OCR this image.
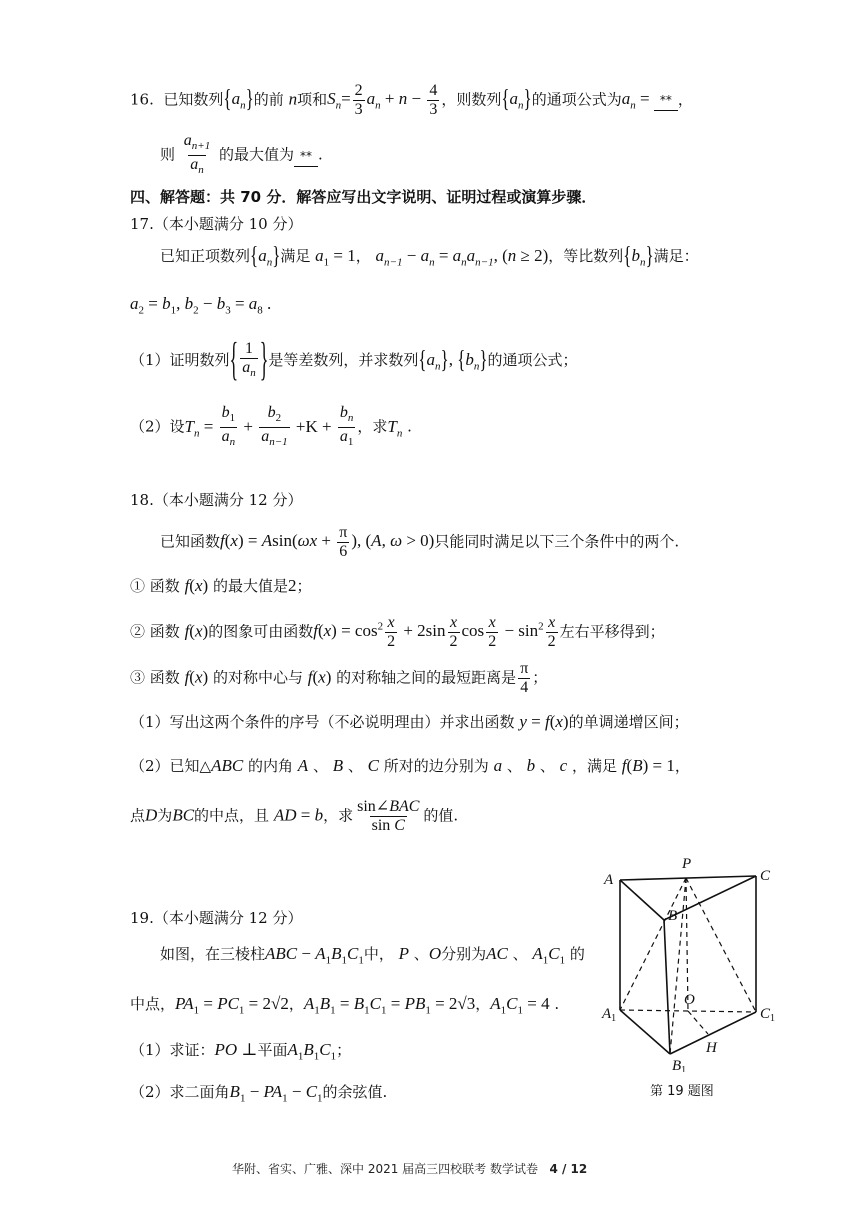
16. 已知数列$\{a_n\}$的前 n项和$S_n= \frac{2}{3} a_n + n - \frac{4}{3}$ ，则数列$\{a_n\}$的通项公式为$a_n$ = ** ，
则 $\frac{a_{n+1}}{a_n}$ 的最大值为 ** .
四、解答题：共 70 分．解答应写出文字说明、证明过程或演算步骤．
17.（本小题满分 10 分）
已知正项数列$\{a_n\}$满足 $a_1 = 1$， $a_{n-1} - a_n = a_na_{n-1}$, (n ≥ 2)，等比数列$\{b_n\}$满足：
$a_2 = b_1$, $b_2 - b_3 = a_8$ .
（1）证明数列{ $\frac{1}{a_n}$ }是等差数列，并求数列$\{a_n\}$, $\{b_n\}$的通项公式；
（2）设$T_n = \frac{b_1}{a_n} + \frac{b_2}{a_{n-1}} +K + \frac{b_n}{a_1}$ ，求$T_n$ .
18.（本小题满分 12 分）
已知函数$f(x) = Asin(\omega x + \frac{\pi}{6}$ ), (A, ω > 0)只能同时满足以下三个条件中的两个.
① 函数 f(x) 的最大值是2；
② 函数 f(x)的图象可由函数$f(x) = \cos^2 \frac{x}{2} + 2\sin \frac{x}{2}$ $\cos \frac{x}{2} - \sin^2 \frac{x}{2}$ 左右平移得到；
③ 函数 f(x) 的对称中心与 f(x) 的对称轴之间的最短距离是 $\frac{\pi}{4}$ ；
（1）写出这两个条件的序号（不必说明理由）并求出函数 y = f(x)的单调递增区间；
（2）已知△ABC 的内角 A 、 B 、 C 所对的边分别为 a 、 b 、 c ，满足 f(B) = 1，
点D为BC的中点，且 AD = b，求 $\frac{\text{sin∠BAC}}{\text{sin C}}$ 的值.
19.（本小题满分 12 分）
如图，在三棱柱ABC − $A_1B_1C_1$中， P 、O分别为AC 、 $A_1C_1$ 的
中点，$PA_1 = PC_1 = 2√2$，$A_1B_1 = B_1C_1 = PB_1 = 2√3$，$A_1C_1 = 4$ .
（1）求证：PO ⊥平面$A_1B_1C_1$；
（2）求二面角$B_1 - PA_1 - C_1$的余弦值.
A	C
P
B
$A_1$	$C_1$
O
H
$B_1$
第 19 题图
华附、省实、广雅、深中 2021 届高三四校联考 数学试卷 4 / 12
